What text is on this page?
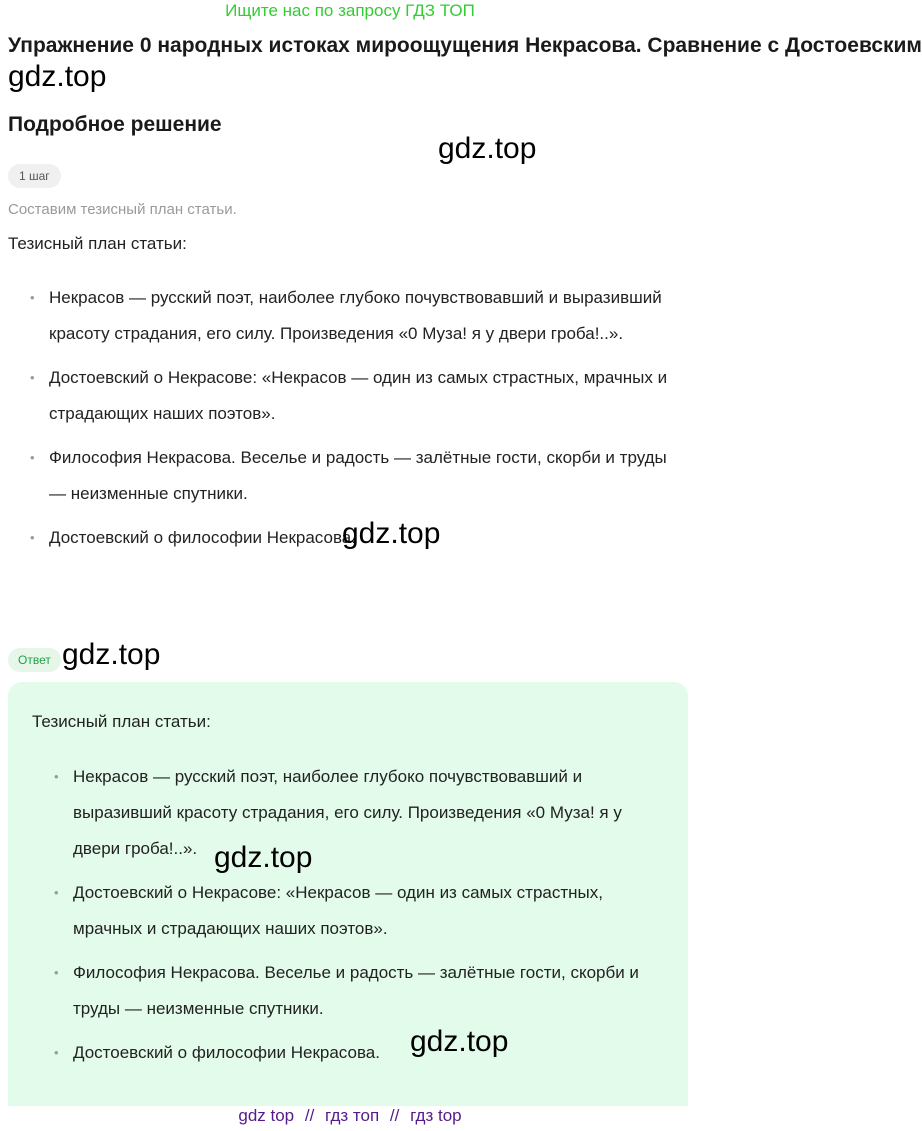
Ищите нас по запросу ГДЗ ТОП
Упражнение 0 народных истоках мироощущения Некрасова. Сравнение с Достоевским
gdz.top
Подробное решение
gdz.top
1 шаг
Составим тезисный план статьи.
Тезисный план статьи:
• Некрасов — русский поэт, наиболее глубоко почувствовавший и выразивший красоту страдания, его силу. Произведения «0 Муза! я у двери гроба!..».
• Достоевский о Некрасове: «Некрасов — один из самых страстных, мрачных и страдающих наших поэтов».
• Философия Некрасова. Веселье и радость — залётные гости, скорби и труды — неизменные спутники.
• Достоевский о философии Некрасова.
gdz.top
Ответ gdz.top
Тезисный план статьи:
• Некрасов — русский поэт, наиболее глубоко почувствовавший и выразивший красоту страдания, его силу. Произведения «0 Муза! я у двери гроба!..».
• Достоевский о Некрасове: «Некрасов — один из самых страстных, мрачных и страдающих наших поэтов».
• Философия Некрасова. Веселье и радость — залётные гости, скорби и труды — неизменные спутники.
• Достоевский о философии Некрасова.
gdz.top
gdz.top
gdz top // гдз топ // гдз top
